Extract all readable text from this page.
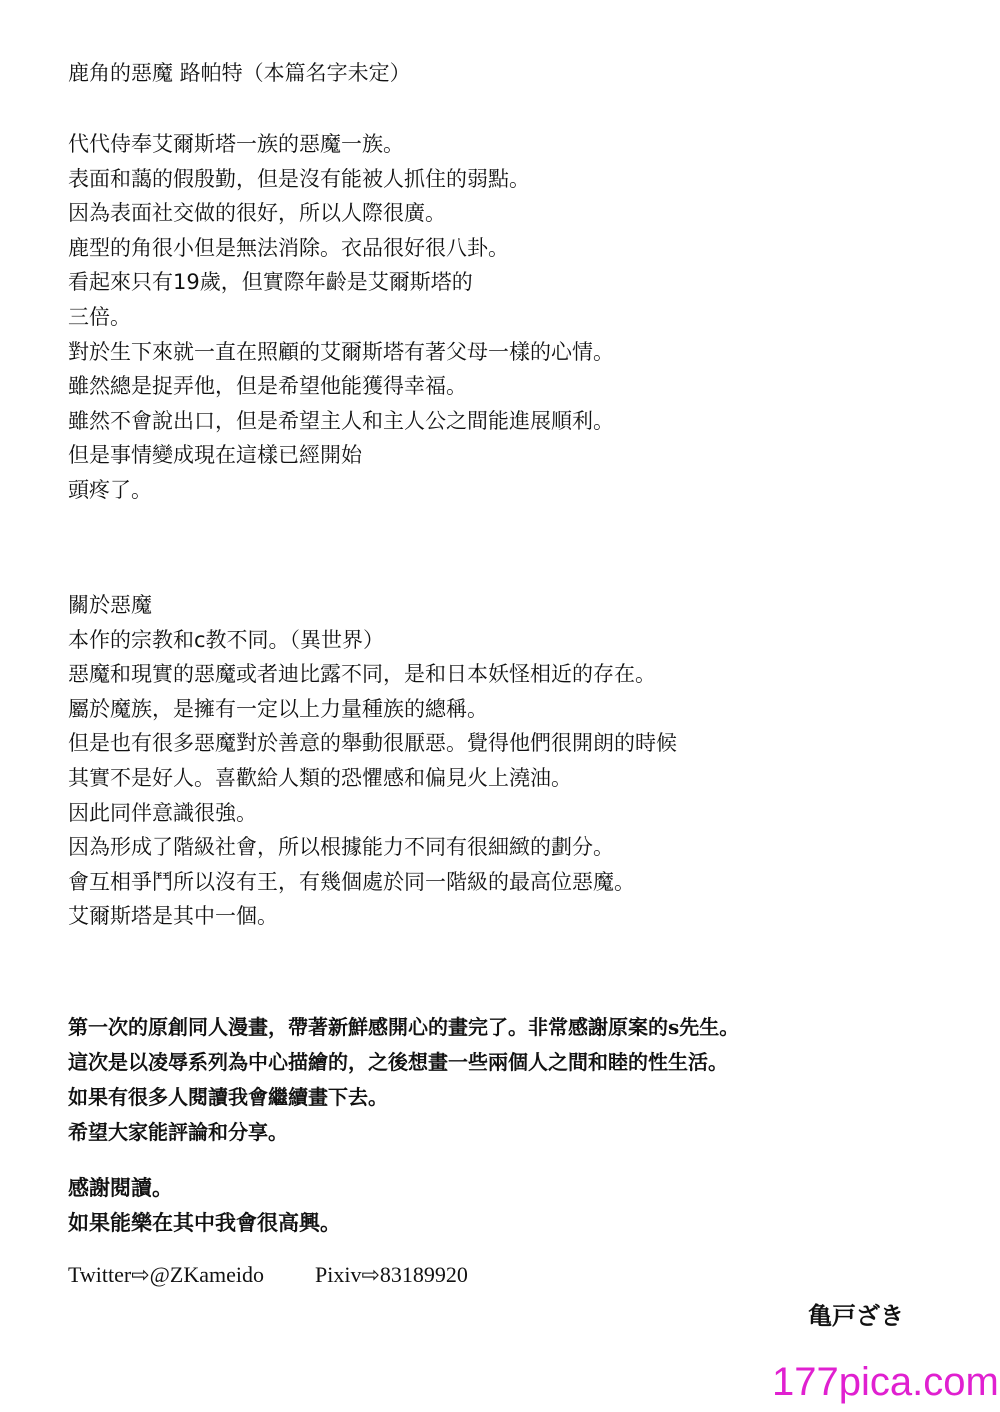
鹿角的惡魔 路帕特（本篇名字未定）
代代侍奉艾爾斯塔一族的惡魔一族。
表面和藹的假殷勤，但是沒有能被人抓住的弱點。
因為表面社交做的很好，所以人際很廣。
鹿型的角很小但是無法消除。衣品很好很八卦。
看起來只有19歲，但實際年齡是艾爾斯塔的
三倍。
對於生下來就一直在照顧的艾爾斯塔有著父母一樣的心情。
雖然總是捉弄他，但是希望他能獲得幸福。
雖然不會說出口，但是希望主人和主人公之間能進展順利。
但是事情變成現在這樣已經開始
頭疼了。
關於惡魔
本作的宗教和c教不同。（異世界）
惡魔和現實的惡魔或者迪比露不同，是和日本妖怪相近的存在。
屬於魔族，是擁有一定以上力量種族的總稱。
但是也有很多惡魔對於善意的舉動很厭惡。覺得他們很開朗的時候
其實不是好人。喜歡給人類的恐懼感和偏見火上澆油。
因此同伴意識很強。
因為形成了階級社會，所以根據能力不同有很細緻的劃分。
會互相爭鬥所以沒有王，有幾個處於同一階級的最高位惡魔。
艾爾斯塔是其中一個。
第一次的原創同人漫畫，帶著新鮮感開心的畫完了。非常感謝原案的s先生。
這次是以凌辱系列為中心描繪的，之後想畫一些兩個人之間和睦的性生活。
如果有很多人閱讀我會繼續畫下去。
希望大家能評論和分享。
感謝閱讀。
如果能樂在其中我會很高興。
Twitter⇨@ZKameido Pixiv⇨83189920
亀戸ざき
177pica.com
